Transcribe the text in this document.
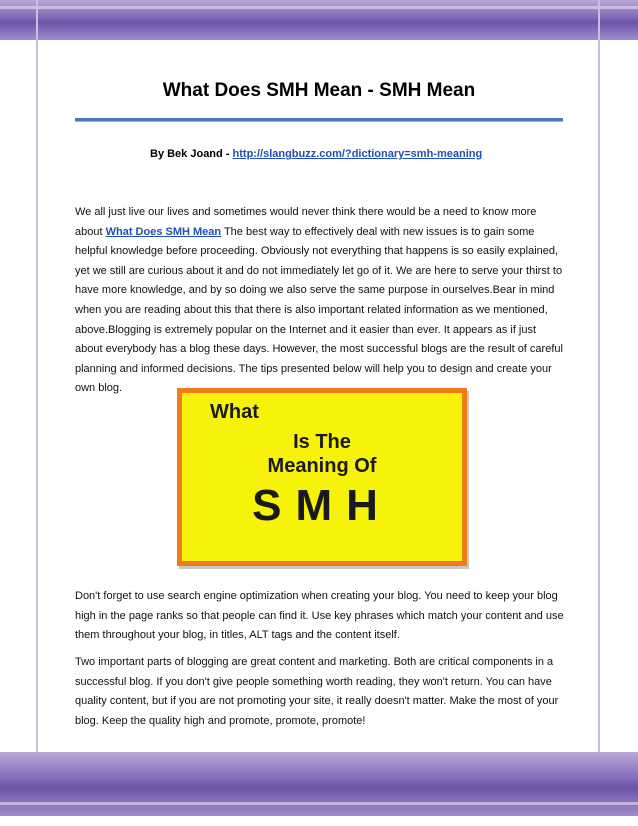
What Does SMH Mean - SMH Mean
By Bek Joand - http://slangbuzz.com/?dictionary=smh-meaning
We all just live our lives and sometimes would never think there would be a need to know more about What Does SMH Mean The best way to effectively deal with new issues is to gain some helpful knowledge before proceeding. Obviously not everything that happens is so easily explained, yet we still are curious about it and do not immediately let go of it. We are here to serve your thirst to have more knowledge, and by so doing we also serve the same purpose in ourselves.Bear in mind when you are reading about this that there is also important related information as we mentioned, above.Blogging is extremely popular on the Internet and it easier than ever. It appears as if just about everybody has a blog these days. However, the most successful blogs are the result of careful planning and informed decisions. The tips presented below will help you to design and create your own blog.
What
Is The
Meaning Of
SMH
Don't forget to use search engine optimization when creating your blog. You need to keep your blog high in the page ranks so that people can find it. Use key phrases which match your content and use them throughout your blog, in titles, ALT tags and the content itself.
Two important parts of blogging are great content and marketing. Both are critical components in a successful blog. If you don't give people something worth reading, they won't return. You can have quality content, but if you are not promoting your site, it really doesn't matter. Make the most of your blog. Keep the quality high and promote, promote, promote!
